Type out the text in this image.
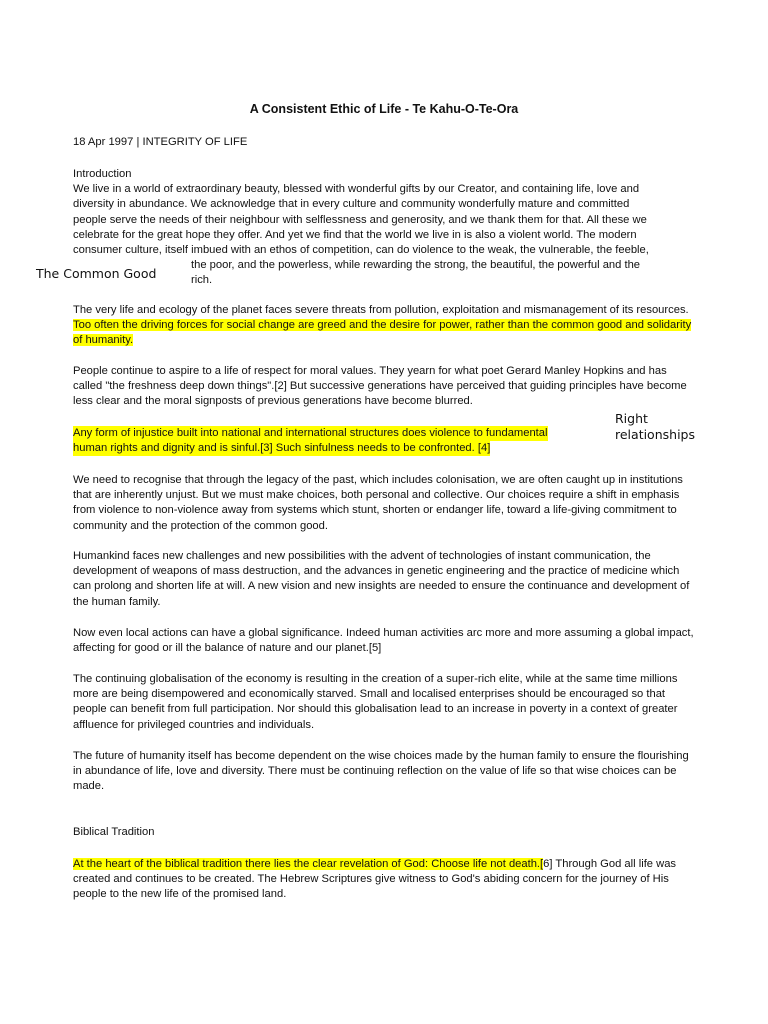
A Consistent Ethic of Life - Te Kahu-O-Te-Ora
18 Apr 1997 | INTEGRITY OF LIFE
Introduction
We live in a world of extraordinary beauty, blessed with wonderful gifts by our Creator, and containing life, love and
diversity in abundance. We acknowledge that in every culture and community wonderfully mature and committed
people serve the needs of their neighbour with selflessness and generosity, and we thank them for that. All these we
celebrate for the great hope they offer. And yet we find that the world we live in is also a violent world. The modern
consumer culture, itself imbued with an ethos of competition, can do violence to the weak, the vulnerable, the feeble,
the poor, and the powerless, while rewarding the strong, the beautiful, the powerful and the
rich.
The Common Good

The very life and ecology of the planet faces severe threats from pollution, exploitation and mismanagement of its resources. Too often the driving forces for social change are greed and the desire for power, rather than the common good and solidarity of humanity.

People continue to aspire to a life of respect for moral values. They yearn for what poet Gerard Manley Hopkins and has called "the freshness deep down things".[2] But successive generations have perceived that guiding principles have become less clear and the moral signposts of previous generations have become blurred.

Right
relationships
Any form of injustice built into national and international structures does violence to fundamental
human rights and dignity and is sinful.[3] Such sinfulness needs to be confronted. [4]

We need to recognise that through the legacy of the past, which includes colonisation, we are often caught up in institutions that are inherently unjust. But we must make choices, both personal and collective. Our choices require a shift in emphasis from violence to non-violence away from systems which stunt, shorten or endanger life, toward a life-giving commitment to community and the protection of the common good.

Humankind faces new challenges and new possibilities with the advent of technologies of instant communication, the development of weapons of mass destruction, and the advances in genetic engineering and the practice of medicine which can prolong and shorten life at will. A new vision and new insights are needed to ensure the continuance and development of the human family.

Now even local actions can have a global significance. Indeed human activities arc more and more assuming a global impact, affecting for good or ill the balance of nature and our planet.[5]

The continuing globalisation of the economy is resulting in the creation of a super-rich elite, while at the same time millions more are being disempowered and economically starved. Small and localised enterprises should be encouraged so that people can benefit from full participation. Nor should this globalisation lead to an increase in poverty in a context of greater affluence for privileged countries and individuals.

The future of humanity itself has become dependent on the wise choices made by the human family to ensure the flourishing in abundance of life, love and diversity. There must be continuing reflection on the value of life so that wise choices can be made.

Biblical Tradition

At the heart of the biblical tradition there lies the clear revelation of God: Choose life not death.[6] Through God all life was created and continues to be created. The Hebrew Scriptures give witness to God's abiding concern for the journey of His people to the new life of the promised land.
